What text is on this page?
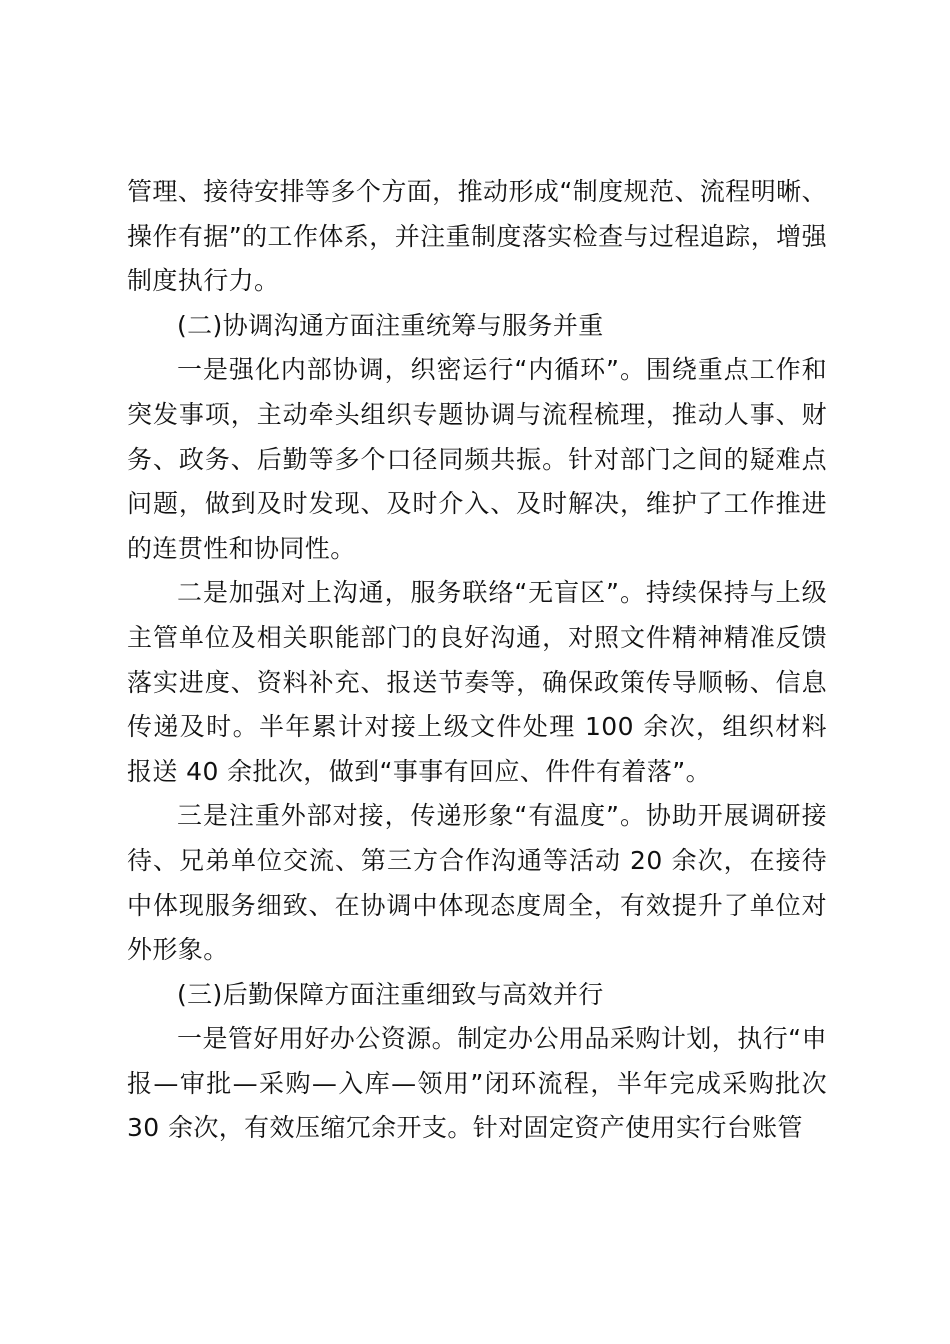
管理、接待安排等多个方面，推动形成“制度规范、流程明晰、操作有据”的工作体系，并注重制度落实检查与过程追踪，增强制度执行力。

(二)协调沟通方面注重统筹与服务并重

一是强化内部协调，织密运行“内循环”。围绕重点工作和突发事项，主动牵头组织专题协调与流程梳理，推动人事、财务、政务、后勤等多个口径同频共振。针对部门之间的疑难点问题，做到及时发现、及时介入、及时解决，维护了工作推进的连贯性和协同性。

二是加强对上沟通，服务联络“无盲区”。持续保持与上级主管单位及相关职能部门的良好沟通，对照文件精神精准反馈落实进度、资料补充、报送节奏等，确保政策传导顺畅、信息传递及时。半年累计对接上级文件处理 100 余次，组织材料报送 40 余批次，做到“事事有回应、件件有着落”。

三是注重外部对接，传递形象“有温度”。协助开展调研接待、兄弟单位交流、第三方合作沟通等活动 20 余次，在接待中体现服务细致、在协调中体现态度周全，有效提升了单位对外形象。

(三)后勤保障方面注重细致与高效并行

一是管好用好办公资源。制定办公用品采购计划，执行“申报—审批—采购—入库—领用”闭环流程，半年完成采购批次 30 余次，有效压缩冗余开支。针对固定资产使用实行台账管
